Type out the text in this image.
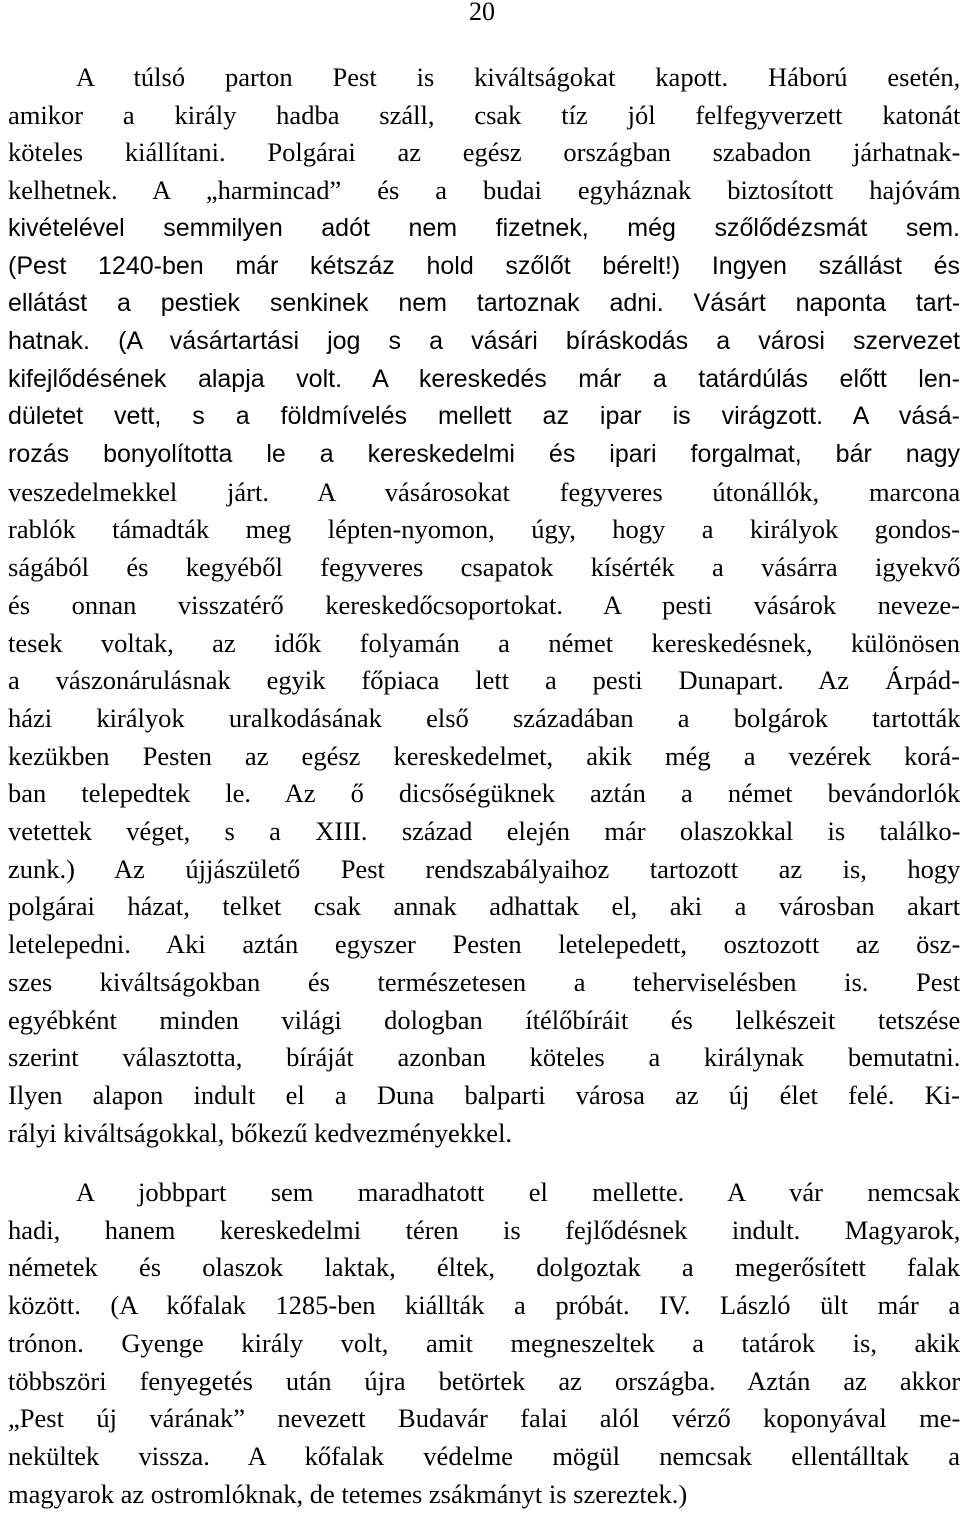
20
A túlsó parton Pest is kiváltságokat kapott. Háború esetén,
amikor a király hadba száll, csak tíz jól felfegyverzett katonát
köteles kiállítani. Polgárai az egész országban szabadon járhatnak-
kelhetnek. A „harmincad” és a budai egyháznak biztosított hajóvám
kivételével semmilyen adót nem fizetnek, még szőlődézsmát sem.
(Pest 1240-ben már kétszáz hold szőlőt bérelt!) Ingyen szállást és
ellátást a pestiek senkinek nem tartoznak adni. Vásárt naponta tart-
hatnak. (A vásártartási jog s a vásári bíráskodás a városi szervezet
kifejlődésének alapja volt. A kereskedés már a tatárdúlás előtt len-
dületet vett, s a földmívelés mellett az ipar is virágzott. A vásá-
rozás bonyolította le a kereskedelmi és ipari forgalmat, bár nagy
veszedelmekkel járt. A vásárosokat fegyveres útonállók, marcona
rablók támadták meg lépten-nyomon, úgy, hogy a királyok gondos-
ságából és kegyéből fegyveres csapatok kísérték a vásárra igyekvő
és onnan visszatérő kereskedőcsoportokat. A pesti vásárok neveze-
tesek voltak, az idők folyamán a német kereskedésnek, különösen
a vászonárulásnak egyik főpiaca lett a pesti Dunapart. Az Árpád-
házi királyok uralkodásának első századában a bolgárok tartották
kezükben Pesten az egész kereskedelmet, akik még a vezérek korá-
ban telepedtek le. Az ő dicsőségüknek aztán a német bevándorlók
vetettek véget, s a XIII. század elején már olaszokkal is találko-
zunk.) Az újjászülető Pest rendszabályaihoz tartozott az is, hogy
polgárai házat, telket csak annak adhattak el, aki a városban akart
letelepedni. Aki aztán egyszer Pesten letelepedett, osztozott az ösz-
szes kiváltságokban és természetesen a teherviselésben is. Pest
egyébként minden világi dologban ítélőbíráit és lelkészeit tetszése
szerint választotta, bíráját azonban köteles a királynak bemutatni.
Ilyen alapon indult el a Duna balparti városa az új élet felé. Ki-
rályi kiváltságokkal, bőkezű kedvezményekkel.
A jobbpart sem maradhatott el mellette. A vár nemcsak
hadi, hanem kereskedelmi téren is fejlődésnek indult. Magyarok,
németek és olaszok laktak, éltek, dolgoztak a megerősített falak
között. (A kőfalak 1285-ben kiállták a próbát. IV. László ült már a
trónon. Gyenge király volt, amit megneszeltek a tatárok is, akik
többszöri fenyegetés után újra betörtek az országba. Aztán az akkor
„Pest új várának” nevezett Budavár falai alól vérző koponyával me-
nekültek vissza. A kőfalak védelme mögül nemcsak ellentálltak a
magyarok az ostromlóknak, de tetemes zsákmányt is szereztek.)
